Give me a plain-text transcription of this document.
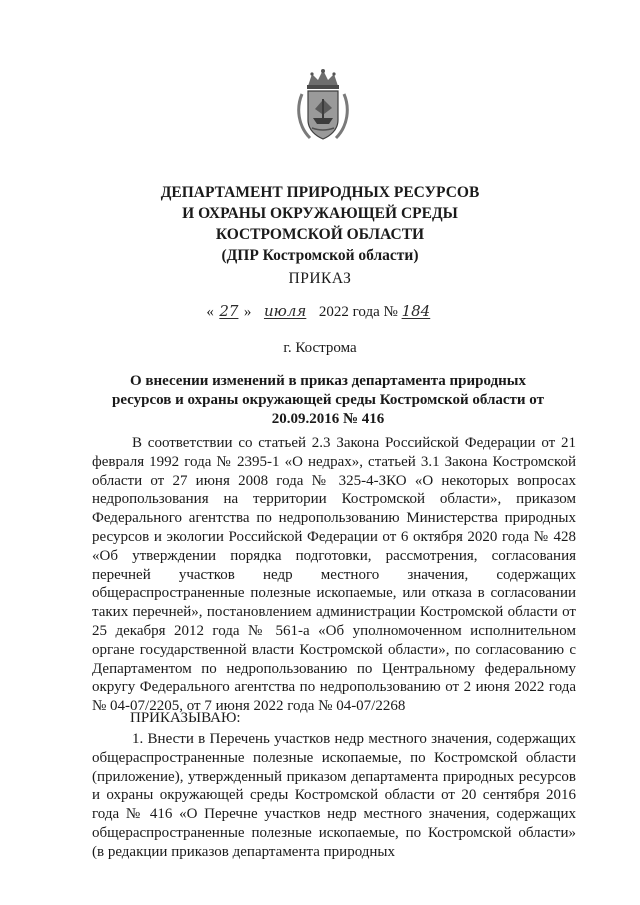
ДЕПАРТАМЕНТ ПРИРОДНЫХ РЕСУРСОВ
И ОХРАНЫ ОКРУЖАЮЩЕЙ СРЕДЫ
КОСТРОМСКОЙ ОБЛАСТИ
(ДПР Костромской области)
ПРИКАЗ
« 27 » июля 2022 года № 184
г. Кострома
О внесении изменений в приказ департамента природных ресурсов и охраны окружающей среды Костромской области от 20.09.2016 № 416
В соответствии со статьей 2.3 Закона Российской Федерации от 21 февраля 1992 года № 2395-1 «О недрах», статьей 3.1 Закона Костромской области от 27 июня 2008 года № 325-4-ЗКО «О некоторых вопросах недропользования на территории Костромской области», приказом Федерального агентства по недропользованию Министерства природных ресурсов и экологии Российской Федерации от 6 октября 2020 года № 428 «Об утверждении порядка подготовки, рассмотрения, согласования перечней участков недр местного значения, содержащих общераспространенные полезные ископаемые, или отказа в согласовании таких перечней», постановлением администрации Костромской области от 25 декабря 2012 года № 561-а «Об уполномоченном исполнительном органе государственной власти Костромской области», по согласованию с Департаментом по недропользованию по Центральному федеральному округу Федерального агентства по недропользованию от 2 июня 2022 года № 04-07/2205, от 7 июня 2022 года № 04-07/2268
ПРИКАЗЫВАЮ:
1. Внести в Перечень участков недр местного значения, содержащих общераспространенные полезные ископаемые, по Костромской области (приложение), утвержденный приказом департамента природных ресурсов и охраны окружающей среды Костромской области от 20 сентября 2016 года № 416 «О Перечне участков недр местного значения, содержащих общераспространенные полезные ископаемые, по Костромской области» (в редакции приказов департамента природных
